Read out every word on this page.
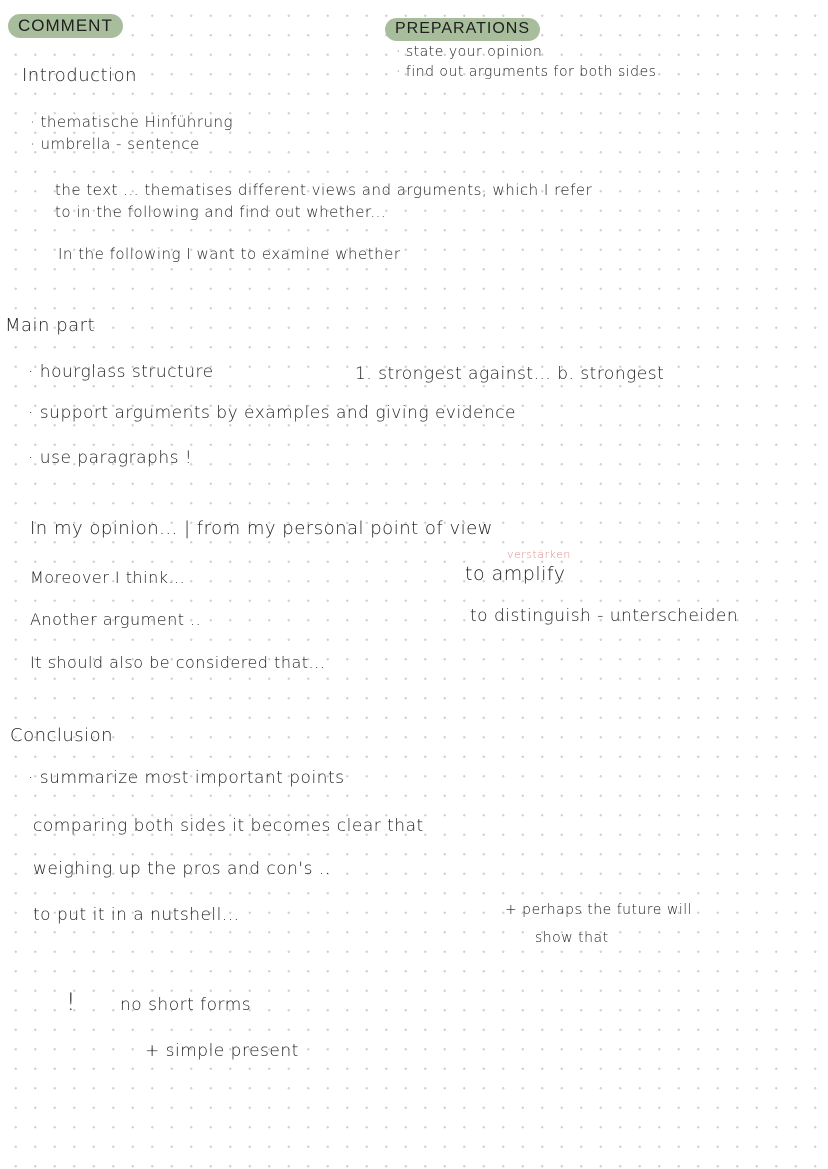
COMMENT	PREPARATIONS
· state your opinion
· find out arguments for both sides
Introduction
· thematische Hinführung
· umbrella - sentence
the text ... thematises different views and arguments, which I refer
to in the following and find out whether...
In the following I want to examine whether
Main part
· hourglass structure	1. strongest against... b. strongest
· support arguments by examples and giving evidence
· use paragraphs !
In my opinion... | from my personal point of view
verstärken
Moreover I think...	to amplify
Another argument ..	to distinguish - unterscheiden
It should also be considered that...
Conclusion
· summarize most important points
comparing both sides it becomes clear that
weighing up the pros and con's ..
to put it in a nutshell...	+ perhaps the future will
show that
!	no short forms
+ simple present
